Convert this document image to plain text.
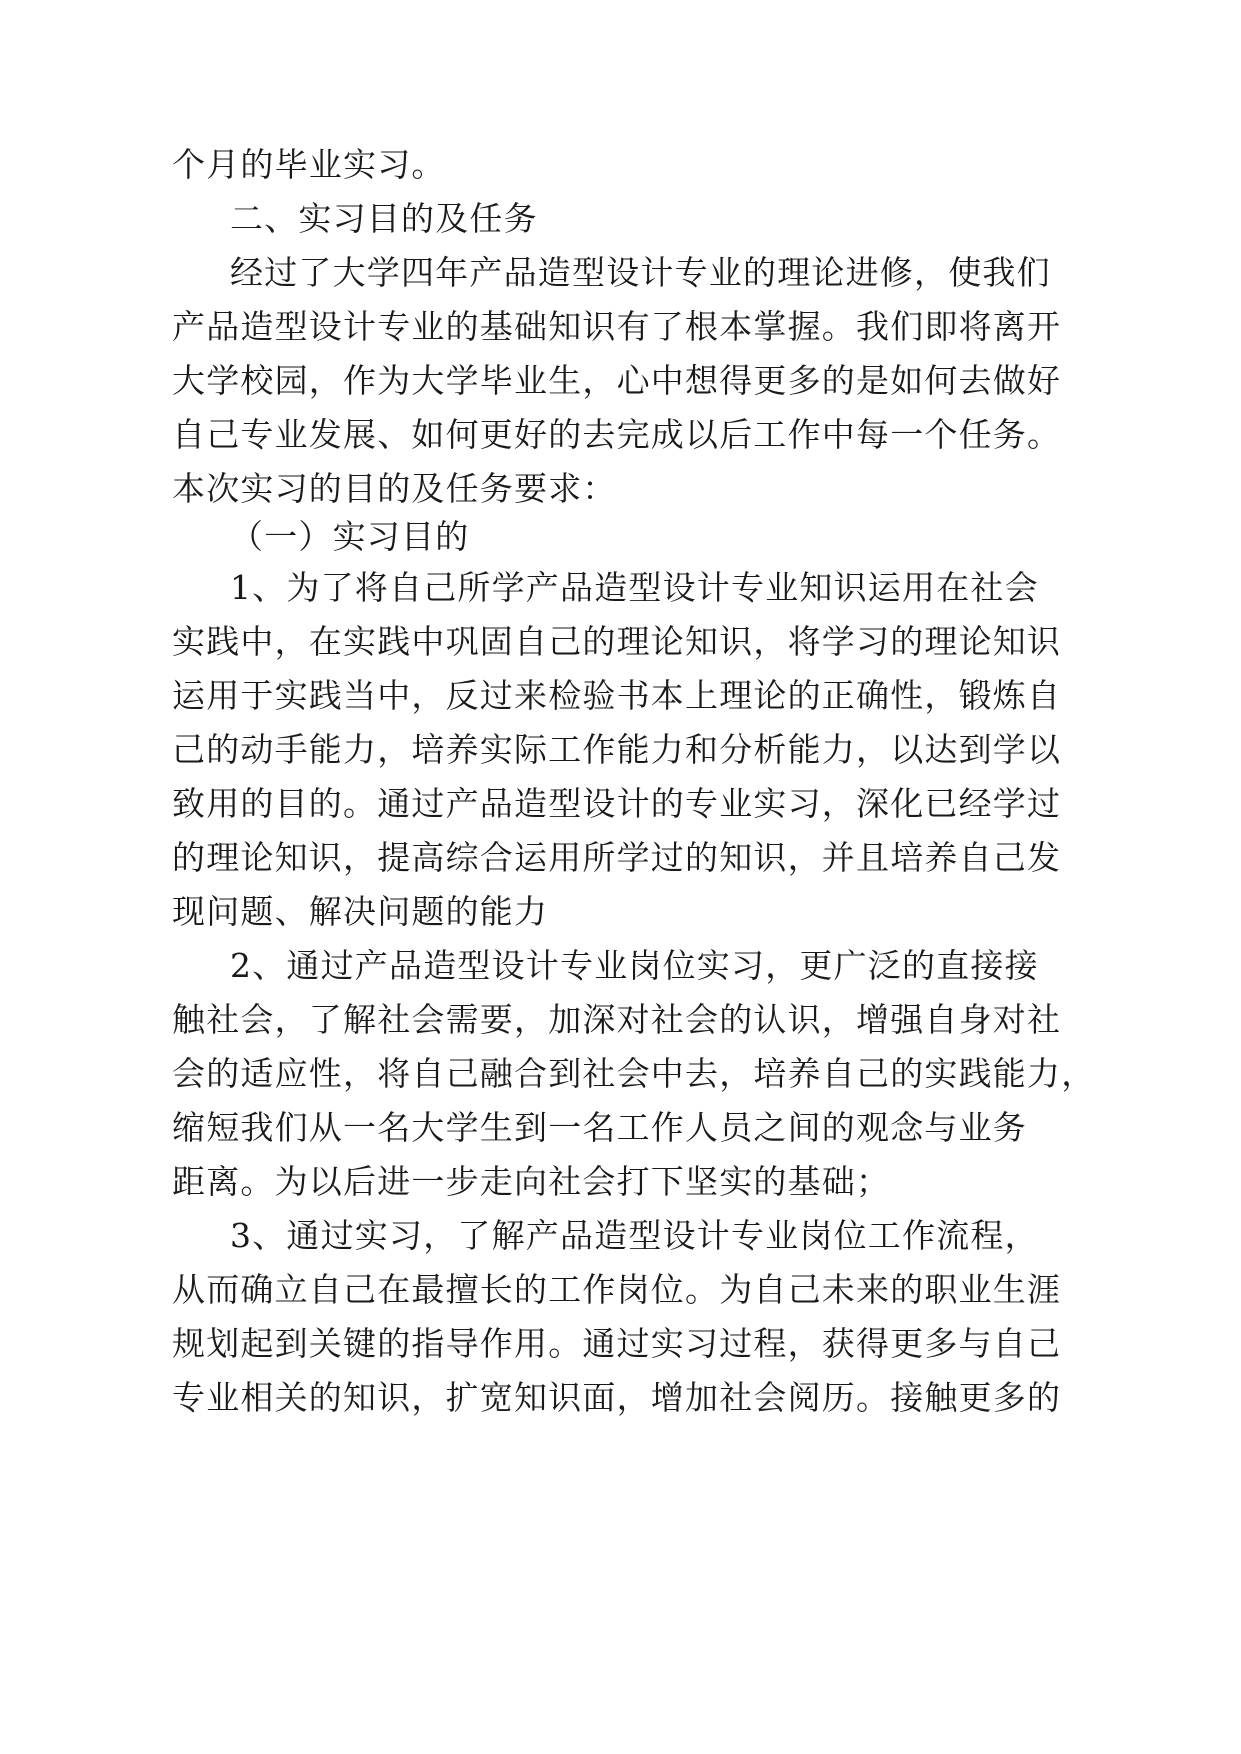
个月的毕业实习。

二、实习目的及任务

经过了大学四年产品造型设计专业的理论进修，使我们

产品造型设计专业的基础知识有了根本掌握。我们即将离开

大学校园，作为大学毕业生，心中想得更多的是如何去做好

自己专业发展、如何更好的去完成以后工作中每一个任务。

本次实习的目的及任务要求：

（一）实习目的

1、为了将自己所学产品造型设计专业知识运用在社会

实践中，在实践中巩固自己的理论知识，将学习的理论知识

运用于实践当中，反过来检验书本上理论的正确性，锻炼自

己的动手能力，培养实际工作能力和分析能力，以达到学以

致用的目的。通过产品造型设计的专业实习，深化已经学过

的理论知识，提高综合运用所学过的知识，并且培养自己发

现问题、解决问题的能力

2、通过产品造型设计专业岗位实习，更广泛的直接接

触社会，了解社会需要，加深对社会的认识，增强自身对社

会的适应性，将自己融合到社会中去，培养自己的实践能力，

缩短我们从一名大学生到一名工作人员之间的观念与业务

距离。为以后进一步走向社会打下坚实的基础；

3、通过实习，了解产品造型设计专业岗位工作流程，

从而确立自己在最擅长的工作岗位。为自己未来的职业生涯

规划起到关键的指导作用。通过实习过程，获得更多与自己

专业相关的知识，扩宽知识面，增加社会阅历。接触更多的
